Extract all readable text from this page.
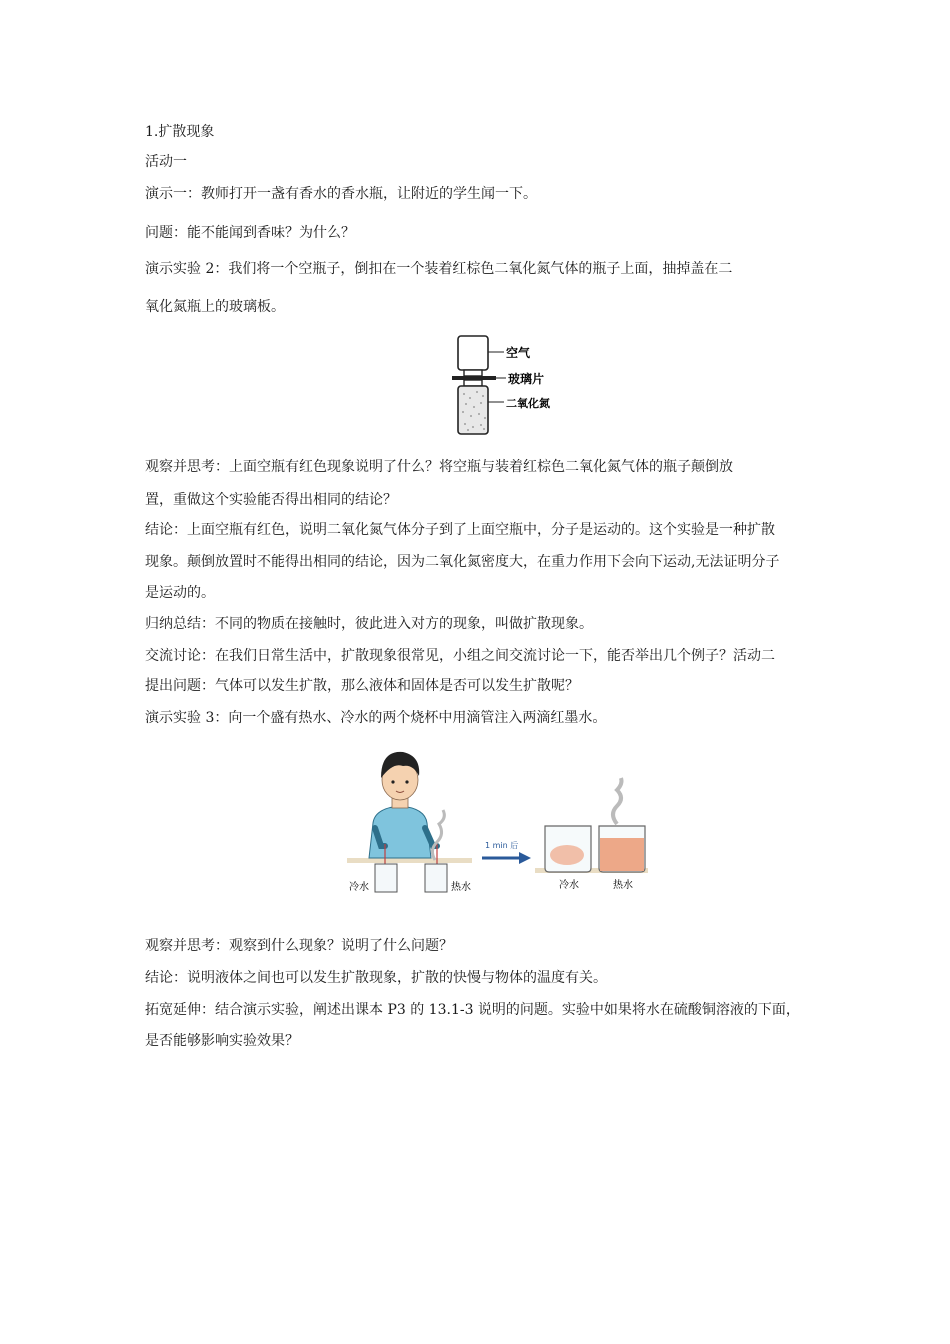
1.扩散现象
活动一
演示一：教师打开一盏有香水的香水瓶，让附近的学生闻一下。
问题：能不能闻到香味？为什么？
演示实验 2：我们将一个空瓶子，倒扣在一个装着红棕色二氧化氮气体的瓶子上面，抽掉盖在二
氧化氮瓶上的玻璃板。
空气
玻璃片
二氧化氮
观察并思考：上面空瓶有红色现象说明了什么？将空瓶与装着红棕色二氧化氮气体的瓶子颠倒放
置，重做这个实验能否得出相同的结论？
结论：上面空瓶有红色，说明二氧化氮气体分子到了上面空瓶中，分子是运动的。这个实验是一种扩散
现象。颠倒放置时不能得出相同的结论，因为二氧化氮密度大，在重力作用下会向下运动,无法证明分子
是运动的。
归纳总结：不同的物质在接触时，彼此进入对方的现象，叫做扩散现象。
交流讨论：在我们日常生活中，扩散现象很常见，小组之间交流讨论一下，能否举出几个例子？活动二
提出问题：气体可以发生扩散，那么液体和固体是否可以发生扩散呢？
演示实验 3：向一个盛有热水、冷水的两个烧杯中用滴管注入两滴红墨水。
冷水	热水
1 min 后
冷水	热水
观察并思考：观察到什么现象？说明了什么问题？
结论：说明液体之间也可以发生扩散现象，扩散的快慢与物体的温度有关。
拓宽延伸：结合演示实验，阐述出课本 P3 的 13.1-3 说明的问题。实验中如果将水在硫酸铜溶液的下面，
是否能够影响实验效果？
